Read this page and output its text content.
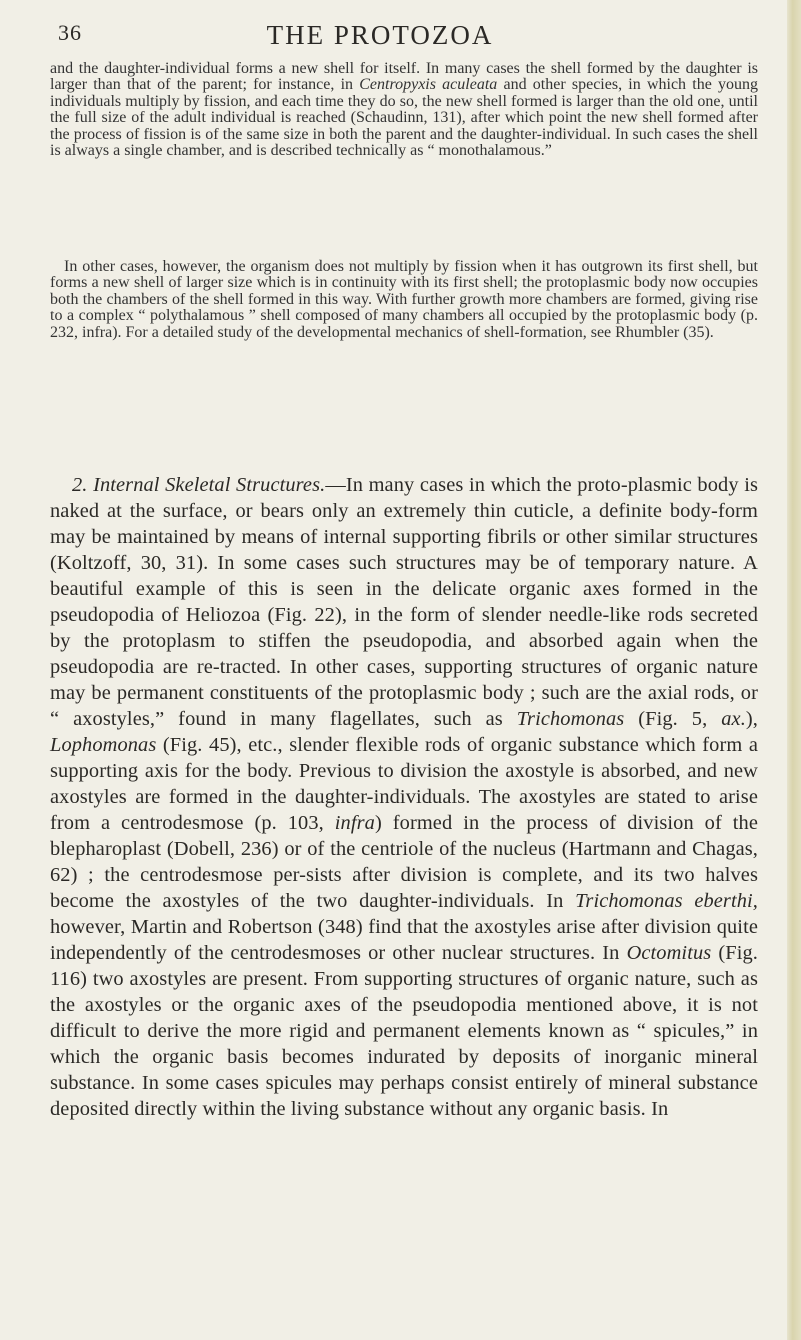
36	THE PROTOZOA

and the daughter-individual forms a new shell for itself. In many cases the shell formed by the daughter is larger than that of the parent; for instance, in Centropyxis aculeata and other species, in which the young individuals multiply by fission, and each time they do so, the new shell formed is larger than the old one, until the full size of the adult individual is reached (Schaudinn, 131), after which point the new shell formed after the process of fission is of the same size in both the parent and the daughter-individual. In such cases the shell is always a single chamber, and is described technically as “ monothalamous.”

In other cases, however, the organism does not multiply by fission when it has outgrown its first shell, but forms a new shell of larger size which is in continuity with its first shell; the protoplasmic body now occupies both the chambers of the shell formed in this way. With further growth more chambers are formed, giving rise to a complex “ polythalamous ” shell composed of many chambers all occupied by the protoplasmic body (p. 232, infra). For a detailed study of the developmental mechanics of shell-formation, see Rhumbler (35).

2. Internal Skeletal Structures.—In many cases in which the proto-plasmic body is naked at the surface, or bears only an extremely thin cuticle, a definite body-form may be maintained by means of internal supporting fibrils or other similar structures (Koltzoff, 30, 31). In some cases such structures may be of temporary nature. A beautiful example of this is seen in the delicate organic axes formed in the pseudopodia of Heliozoa (Fig. 22), in the form of slender needle-like rods secreted by the protoplasm to stiffen the pseudopodia, and absorbed again when the pseudopodia are re-tracted. In other cases, supporting structures of organic nature may be permanent constituents of the protoplasmic body ; such are the axial rods, or “ axostyles,” found in many flagellates, such as Trichomonas (Fig. 5, ax.), Lophomonas (Fig. 45), etc., slender flexible rods of organic substance which form a supporting axis for the body. Previous to division the axostyle is absorbed, and new axostyles are formed in the daughter-individuals. The axostyles are stated to arise from a centrodesmose (p. 103, infra) formed in the process of division of the blepharoplast (Dobell, 236) or of the centriole of the nucleus (Hartmann and Chagas, 62) ; the centrodesmose per-sists after division is complete, and its two halves become the axostyles of the two daughter-individuals. In Trichomonas eberthi, however, Martin and Robertson (348) find that the axostyles arise after division quite independently of the centrodesmoses or other nuclear structures. In Octomitus (Fig. 116) two axostyles are present. From supporting structures of organic nature, such as the axostyles or the organic axes of the pseudopodia mentioned above, it is not difficult to derive the more rigid and permanent elements known as “ spicules,” in which the organic basis becomes indurated by deposits of inorganic mineral substance. In some cases spicules may perhaps consist entirely of mineral substance deposited directly within the living substance without any organic basis. In
